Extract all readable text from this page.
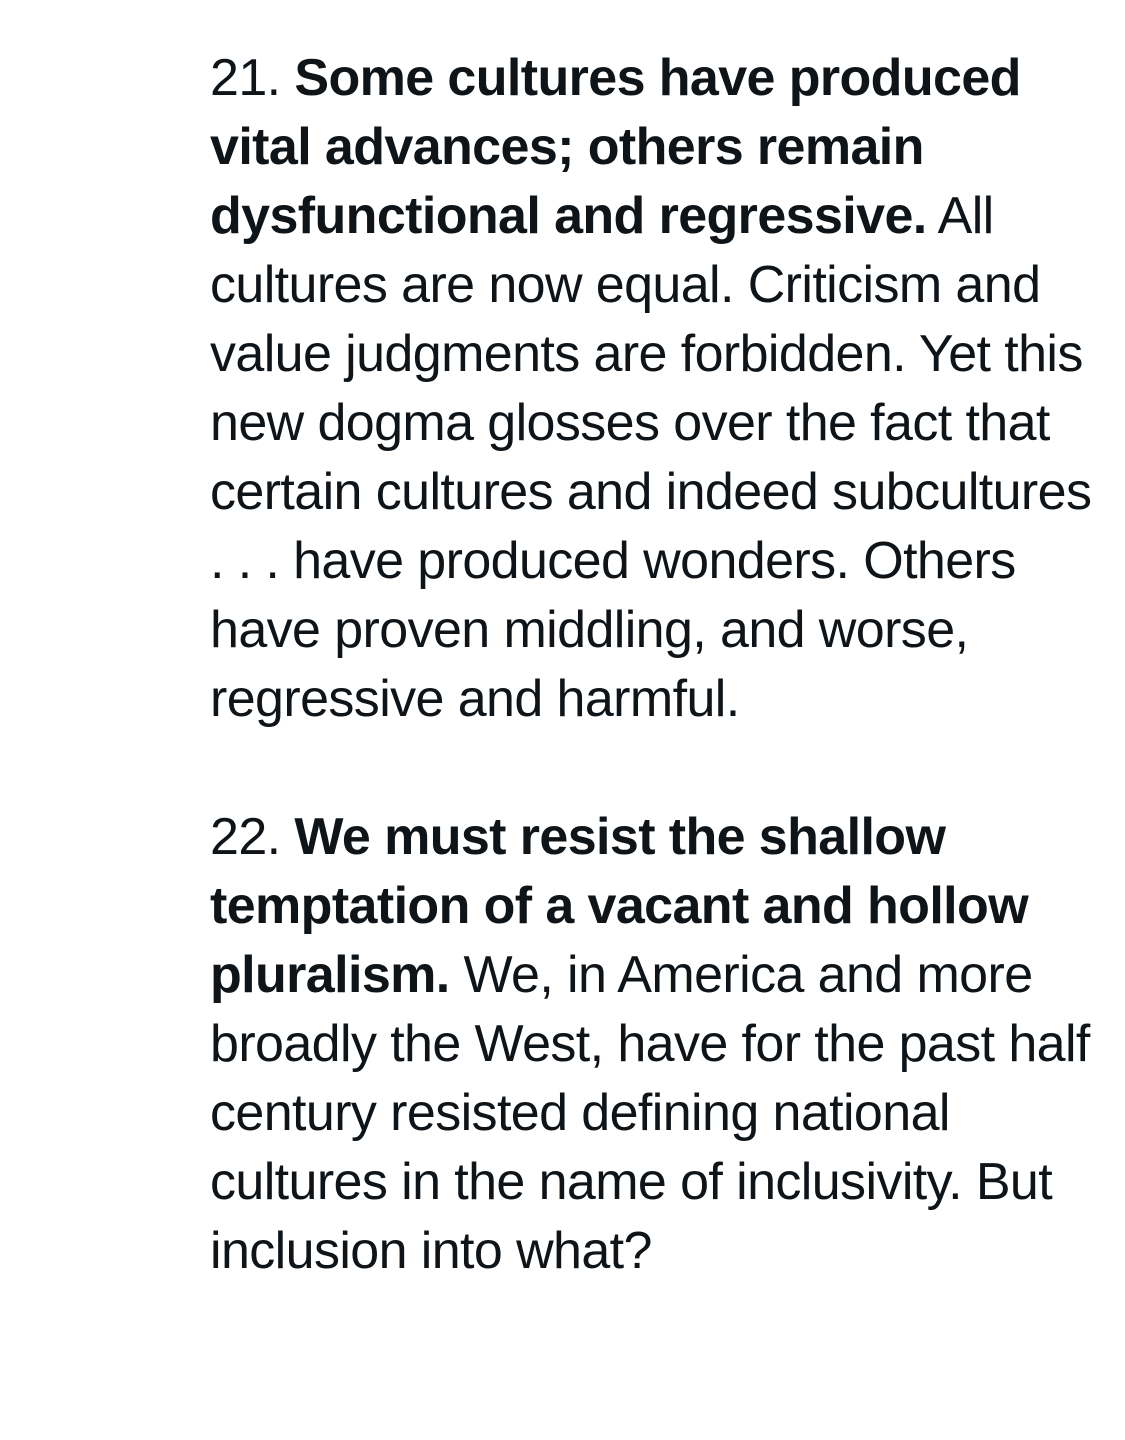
21. Some cultures have produced vital advances; others remain dysfunctional and regressive. All cultures are now equal. Criticism and value judgments are forbidden. Yet this new dogma glosses over the fact that certain cultures and indeed subcultures . . . have produced wonders. Others have proven middling, and worse, regressive and harmful.

22. We must resist the shallow temptation of a vacant and hollow pluralism. We, in America and more broadly the West, have for the past half century resisted defining national cultures in the name of inclusivity. But inclusion into what?
